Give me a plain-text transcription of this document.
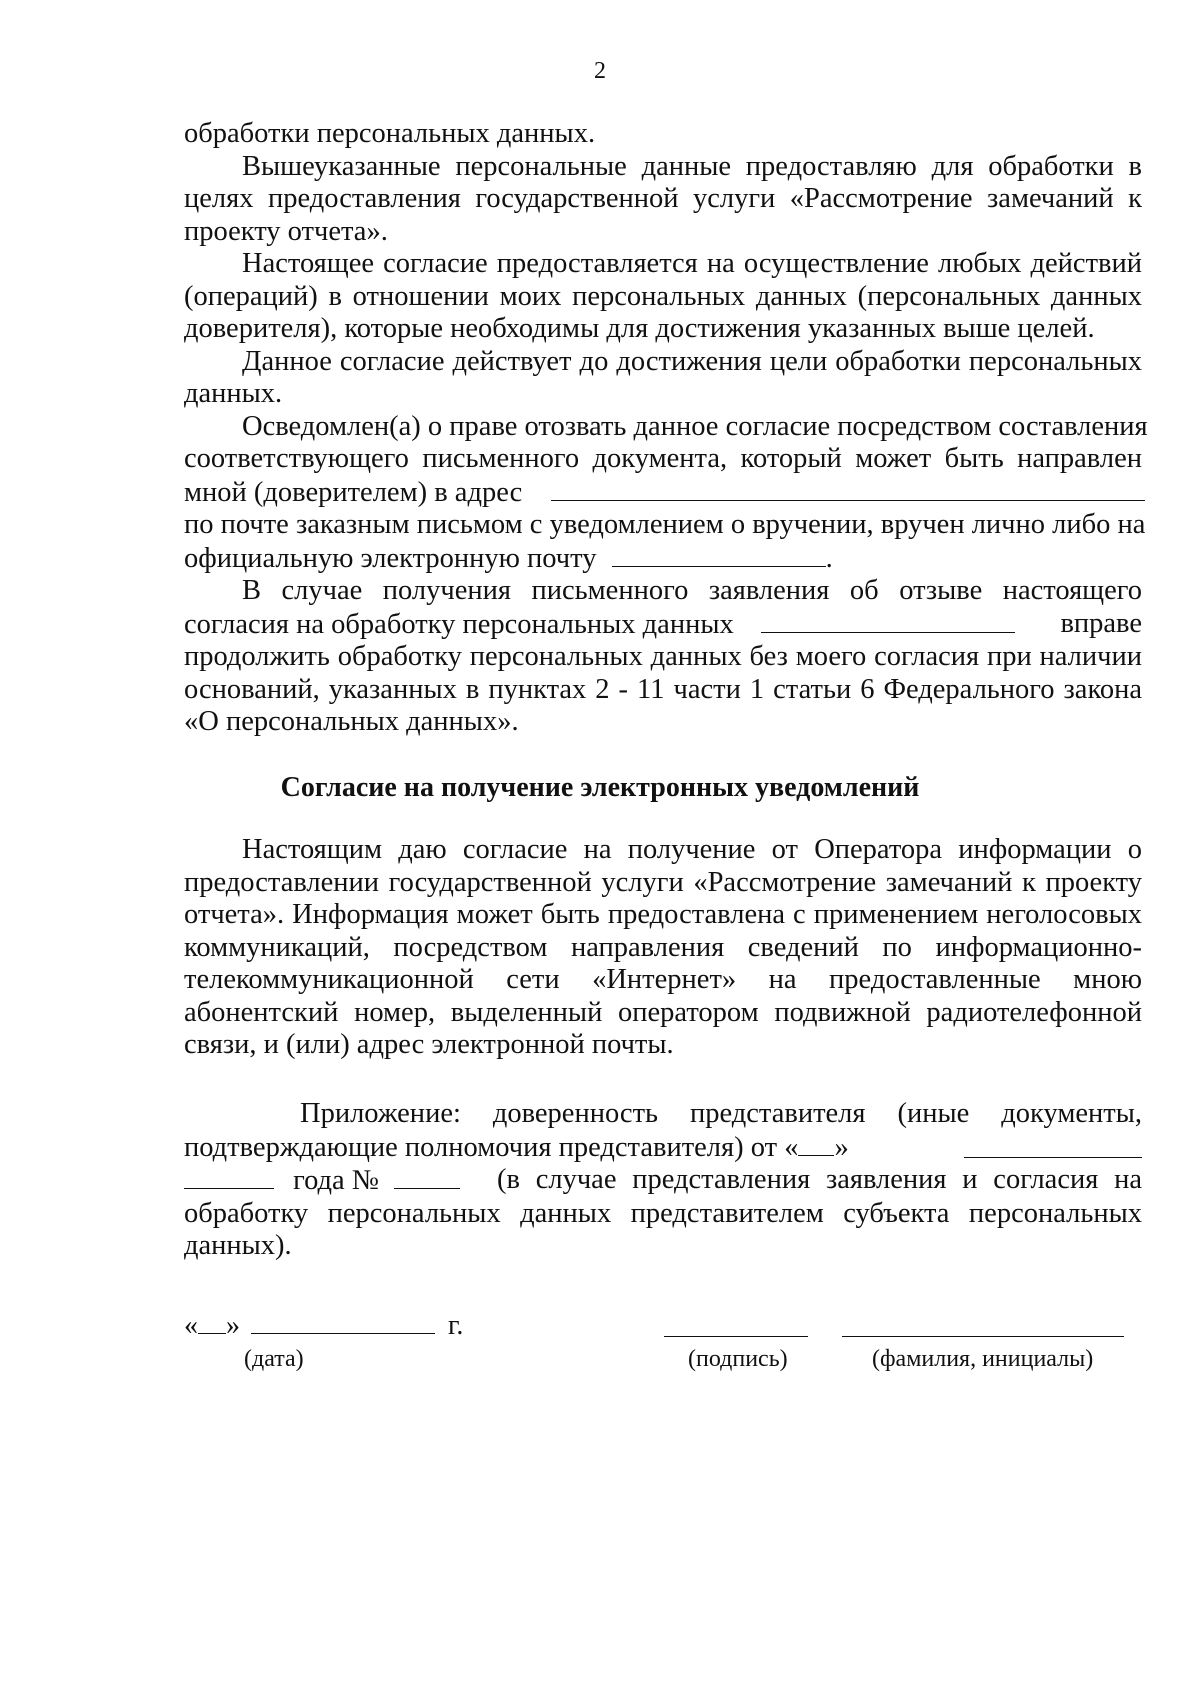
2
обработки персональных данных.
Вышеуказанные персональные данные предоставляю для обработки в
целях предоставления государственной услуги «Рассмотрение замечаний к
проекту отчета».
Настоящее согласие предоставляется на осуществление любых действий
(операций) в отношении моих персональных данных (персональных данных
доверителя), которые необходимы для достижения указанных выше целей.
Данное согласие действует до достижения цели обработки персональных
данных.
Осведомлен(а) о праве отозвать данное согласие посредством составления
соответствующего письменного документа, который может быть направлен
мной (доверителем) в адрес
по почте заказным письмом с уведомлением о вручении, вручен лично либо на
официальную электронную почту	.
В случае получения письменного заявления об отзыве настоящего
согласия на обработку персональных данных	вправе
продолжить обработку персональных данных без моего согласия при наличии
оснований, указанных в пунктах 2 - 11 части 1 статьи 6 Федерального закона
«О персональных данных».
Согласие на получение электронных уведомлений
Настоящим даю согласие на получение от Оператора информации о
предоставлении государственной услуги «Рассмотрение замечаний к проекту
отчета». Информация может быть предоставлена с применением неголосовых
коммуникаций, посредством направления сведений по информационно-
телекоммуникационной сети «Интернет» на предоставленные мною
абонентский номер, выделенный оператором подвижной радиотелефонной
связи, и (или) адрес электронной почты.
Приложение: доверенность представителя (иные документы,
подтверждающие полномочия представителя) от « »
года №	(в случае представления заявления и согласия на
обработку персональных данных представителем субъекта персональных
данных).
« »	г.
(дата)	(подпись)	(фамилия, инициалы)
